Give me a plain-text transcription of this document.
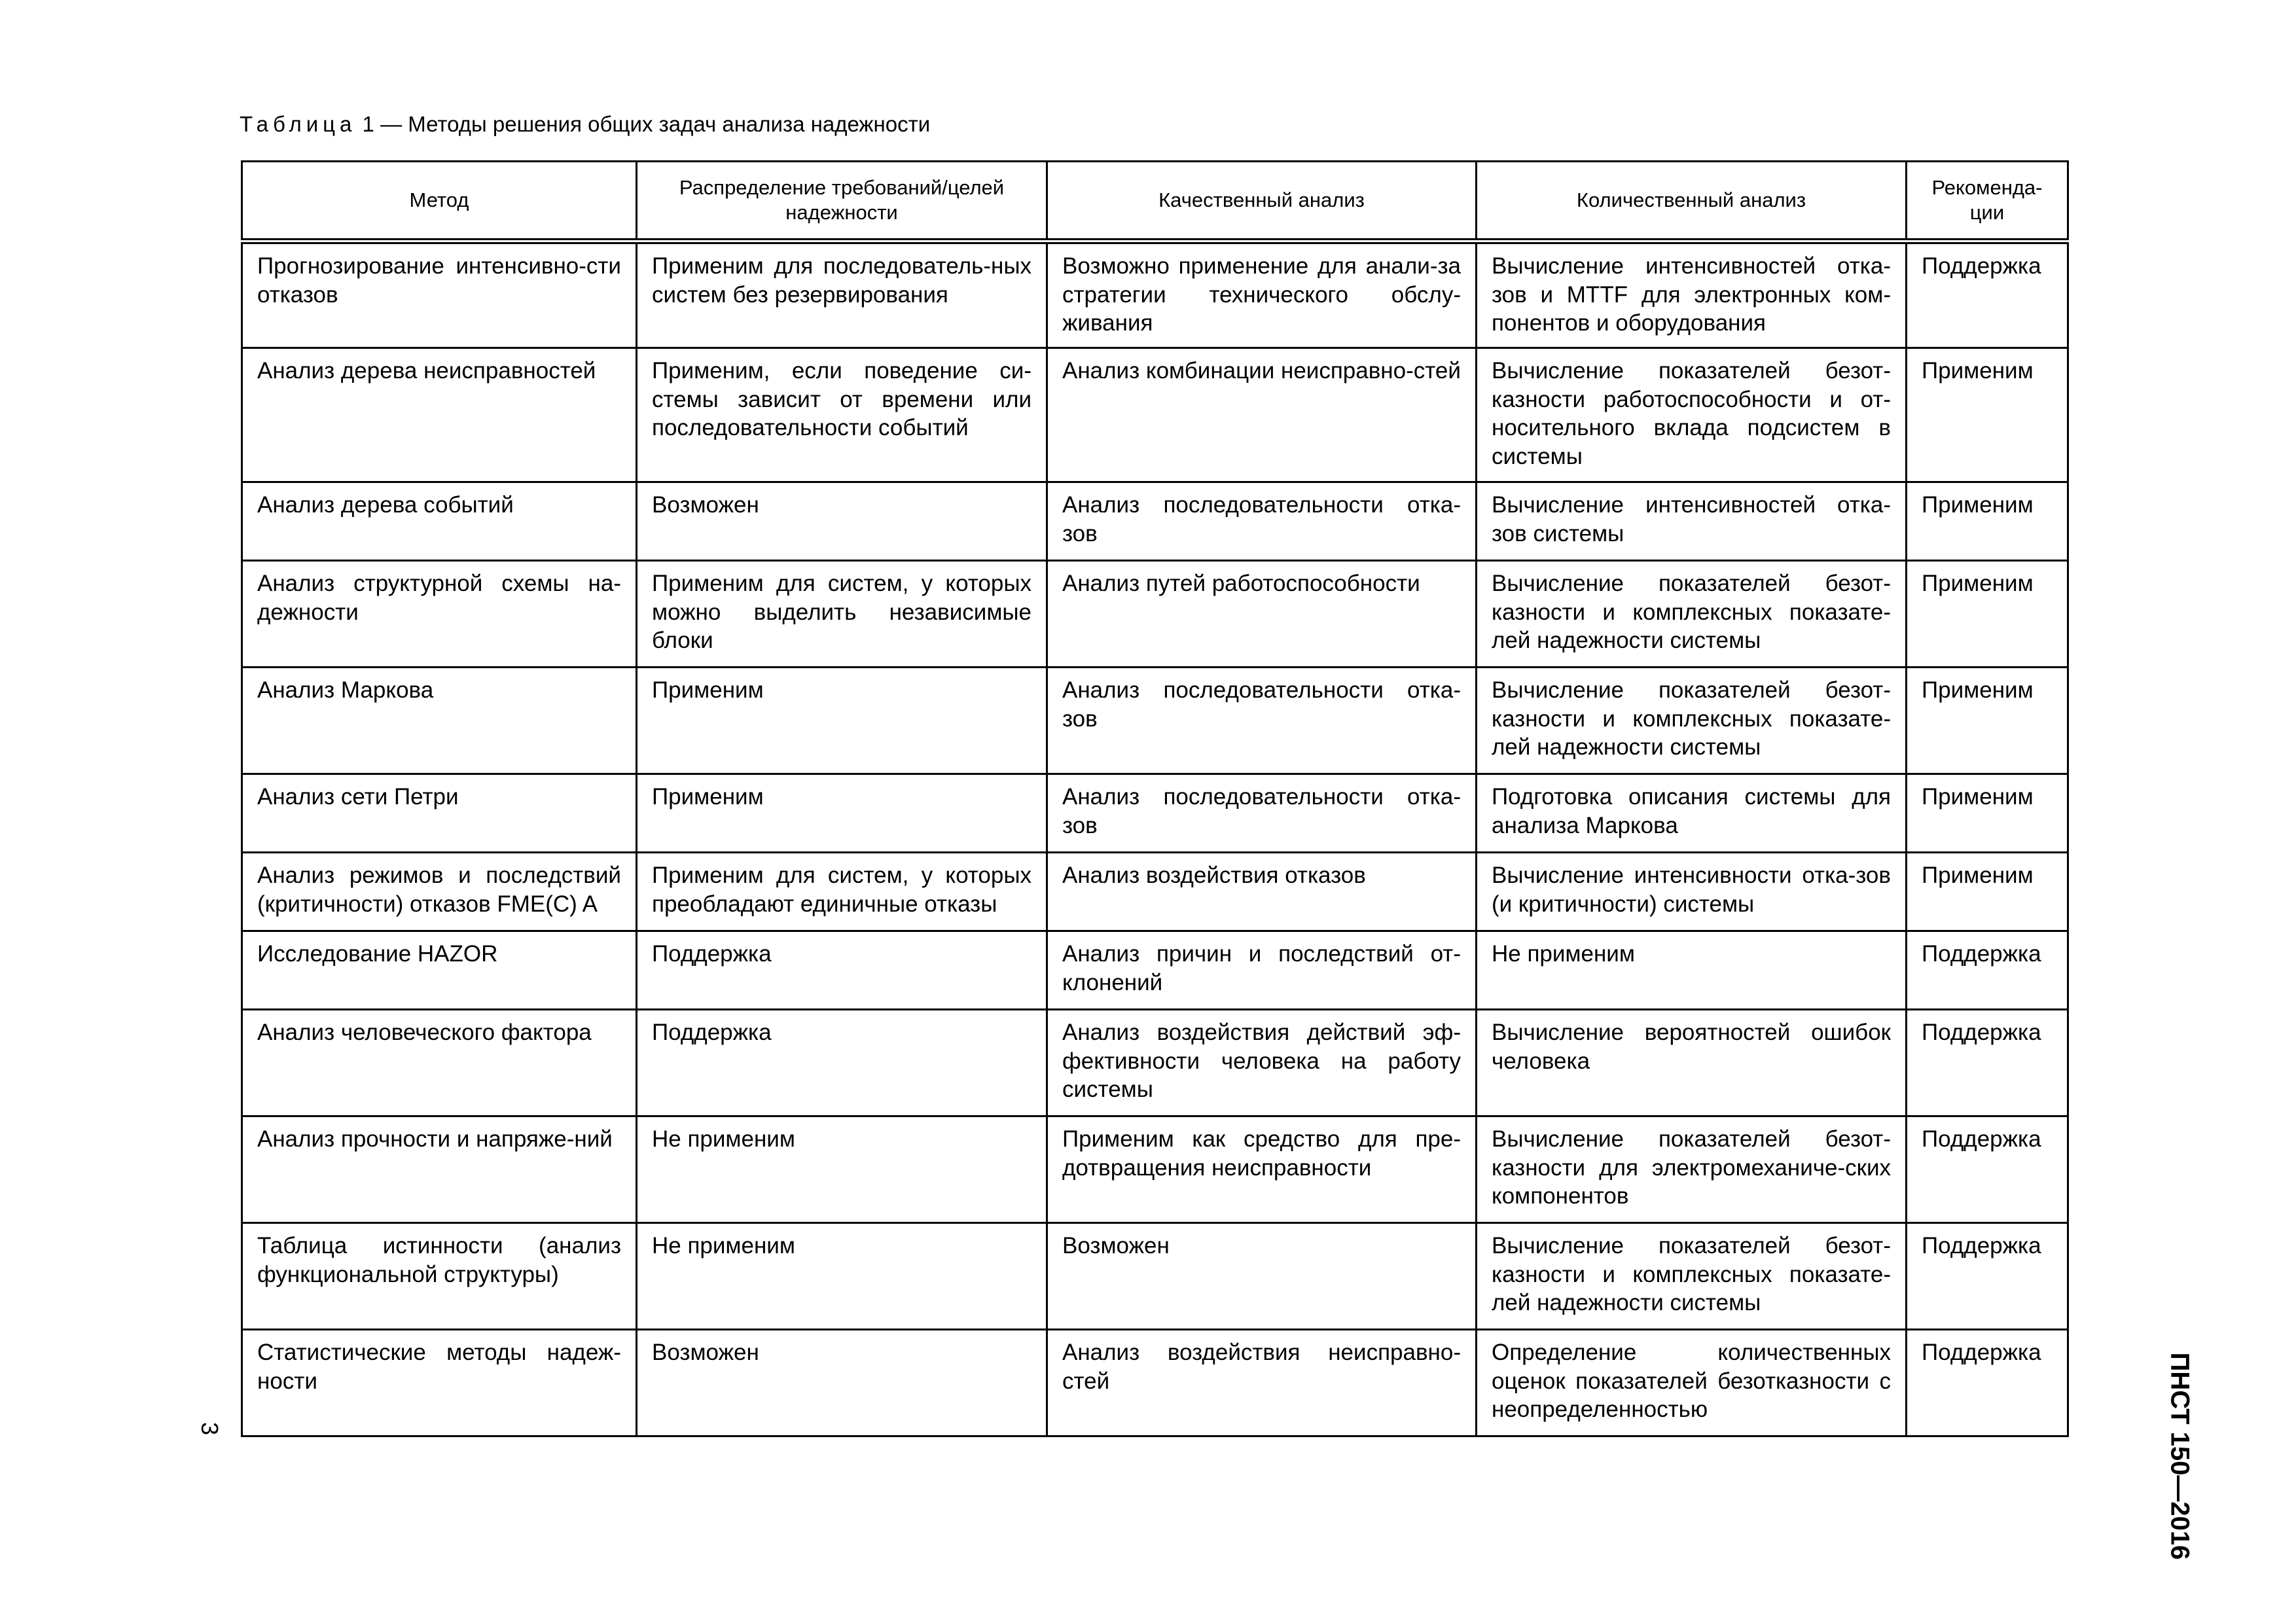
Таблица 1 — Методы решения общих задач анализа надежности
Метод	Распределение требований/целей надежности	Качественный анализ	Количественный анализ	Рекоменда-ции
Прогнозирование интенсивно-сти отказов	Применим для последователь-ных систем без резервирования	Возможно применение для анали-за стратегии технического обслу-живания	Вычисление интенсивностей отка-зов и MTTF для электронных ком-понентов и оборудования	Поддержка
Анализ дерева неисправностей	Применим, если поведение си-стемы зависит от времени или последовательности событий	Анализ комбинации неисправно-стей	Вычисление показателей безот-казности работоспособности и от-носительного вклада подсистем в системы	Применим
Анализ дерева событий	Возможен	Анализ последовательности отка-зов	Вычисление интенсивностей отка-зов системы	Применим
Анализ структурной схемы на-дежности	Применим для систем, у которых можно выделить независимые блоки	Анализ путей работоспособности	Вычисление показателей безот-казности и комплексных показате-лей надежности системы	Применим
Анализ Маркова	Применим	Анализ последовательности отка-зов	Вычисление показателей безот-казности и комплексных показате-лей надежности системы	Применим
Анализ сети Петри	Применим	Анализ последовательности отка-зов	Подготовка описания системы для анализа Маркова	Применим
Анализ режимов и последствий (критичности) отказов FME(C) A	Применим для систем, у которых преобладают единичные отказы	Анализ воздействия отказов	Вычисление интенсивности отка-зов (и критичности) системы	Применим
Исследование HAZOR	Поддержка	Анализ причин и последствий от-клонений	Не применим	Поддержка
Анализ человеческого фактора	Поддержка	Анализ воздействия действий эф-фективности человека на работу системы	Вычисление вероятностей ошибок человека	Поддержка
Анализ прочности и напряже-ний	Не применим	Применим как средство для пре-дотвращения неисправности	Вычисление показателей безот-казности для электромеханиче-ских компонентов	Поддержка
Таблица истинности (анализ функциональной структуры)	Не применим	Возможен	Вычисление показателей безот-казности и комплексных показате-лей надежности системы	Поддержка
Статистические методы надеж-ности	Возможен	Анализ воздействия неисправно-стей	Определение количественных оценок показателей безотказности с неопределенностью	Поддержка
ПНСТ 150—2016
3
